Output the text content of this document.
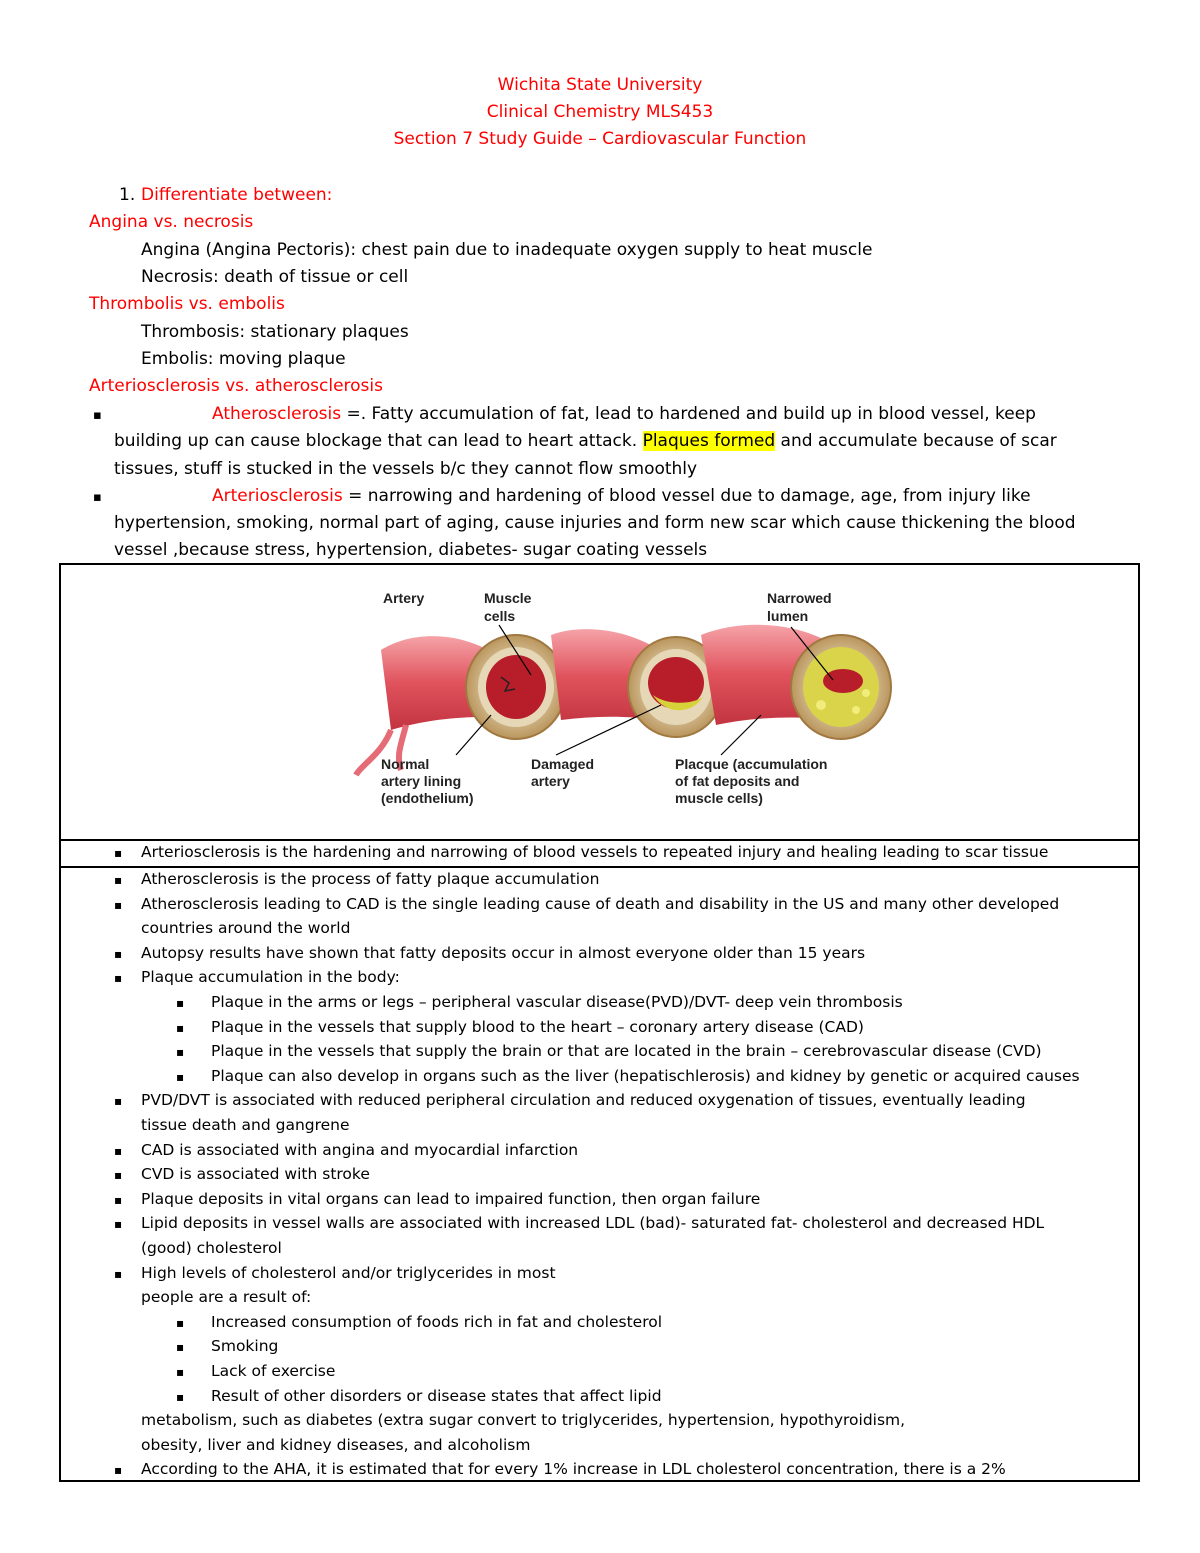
Wichita State University
Clinical Chemistry MLS453
Section 7 Study Guide – Cardiovascular Function
1. Differentiate between:
Angina vs. necrosis
Angina (Angina Pectoris): chest pain due to inadequate oxygen supply to heat muscle
Necrosis: death of tissue or cell
Thrombolis vs. embolis
Thrombosis: stationary plaques
Embolis: moving plaque
Arteriosclerosis vs. atherosclerosis
▪	Atherosclerosis =. Fatty accumulation of fat, lead to hardened and build up in blood vessel, keep
building up can cause blockage that can lead to heart attack. Plaques formed and accumulate because of scar
tissues, stuff is stucked in the vessels b/c they cannot flow smoothly
▪	Arteriosclerosis = narrowing and hardening of blood vessel due to damage, age, from injury like
hypertension, smoking, normal part of aging, cause injuries and form new scar which cause thickening the blood
vessel ,because stress, hypertension, diabetes- sugar coating vessels
Artery	Muscle
cells
Narrowed
lumen
Normal
artery lining
(endothelium)
Damaged
artery
Placque (accumulation
of fat deposits and
muscle cells)
▪ Arteriosclerosis is the hardening and narrowing of blood vessels to repeated injury and healing leading to scar tissue
▪ Atherosclerosis is the process of fatty plaque accumulation
▪ Atherosclerosis leading to CAD is the single leading cause of death and disability in the US and many other developed
countries around the world
▪ Autopsy results have shown that fatty deposits occur in almost everyone older than 15 years
▪ Plaque accumulation in the body:
▪ Plaque in the arms or legs – peripheral vascular disease(PVD)/DVT- deep vein thrombosis
▪ Plaque in the vessels that supply blood to the heart – coronary artery disease (CAD)
▪ Plaque in the vessels that supply the brain or that are located in the brain – cerebrovascular disease (CVD)
▪ Plaque can also develop in organs such as the liver (hepatischlerosis) and kidney by genetic or acquired causes
▪ PVD/DVT is associated with reduced peripheral circulation and reduced oxygenation of tissues, eventually leading
tissue death and gangrene
▪ CAD is associated with angina and myocardial infarction
▪ CVD is associated with stroke
▪ Plaque deposits in vital organs can lead to impaired function, then organ failure
▪ Lipid deposits in vessel walls are associated with increased LDL (bad)- saturated fat- cholesterol and decreased HDL
(good) cholesterol
▪ High levels of cholesterol and/or triglycerides in most
people are a result of:
▪ Increased consumption of foods rich in fat and cholesterol
▪ Smoking
▪ Lack of exercise
▪ Result of other disorders or disease states that affect lipid
metabolism, such as diabetes (extra sugar convert to triglycerides, hypertension, hypothyroidism,
obesity, liver and kidney diseases, and alcoholism
▪ According to the AHA, it is estimated that for every 1% increase in LDL cholesterol concentration, there is a 2%
